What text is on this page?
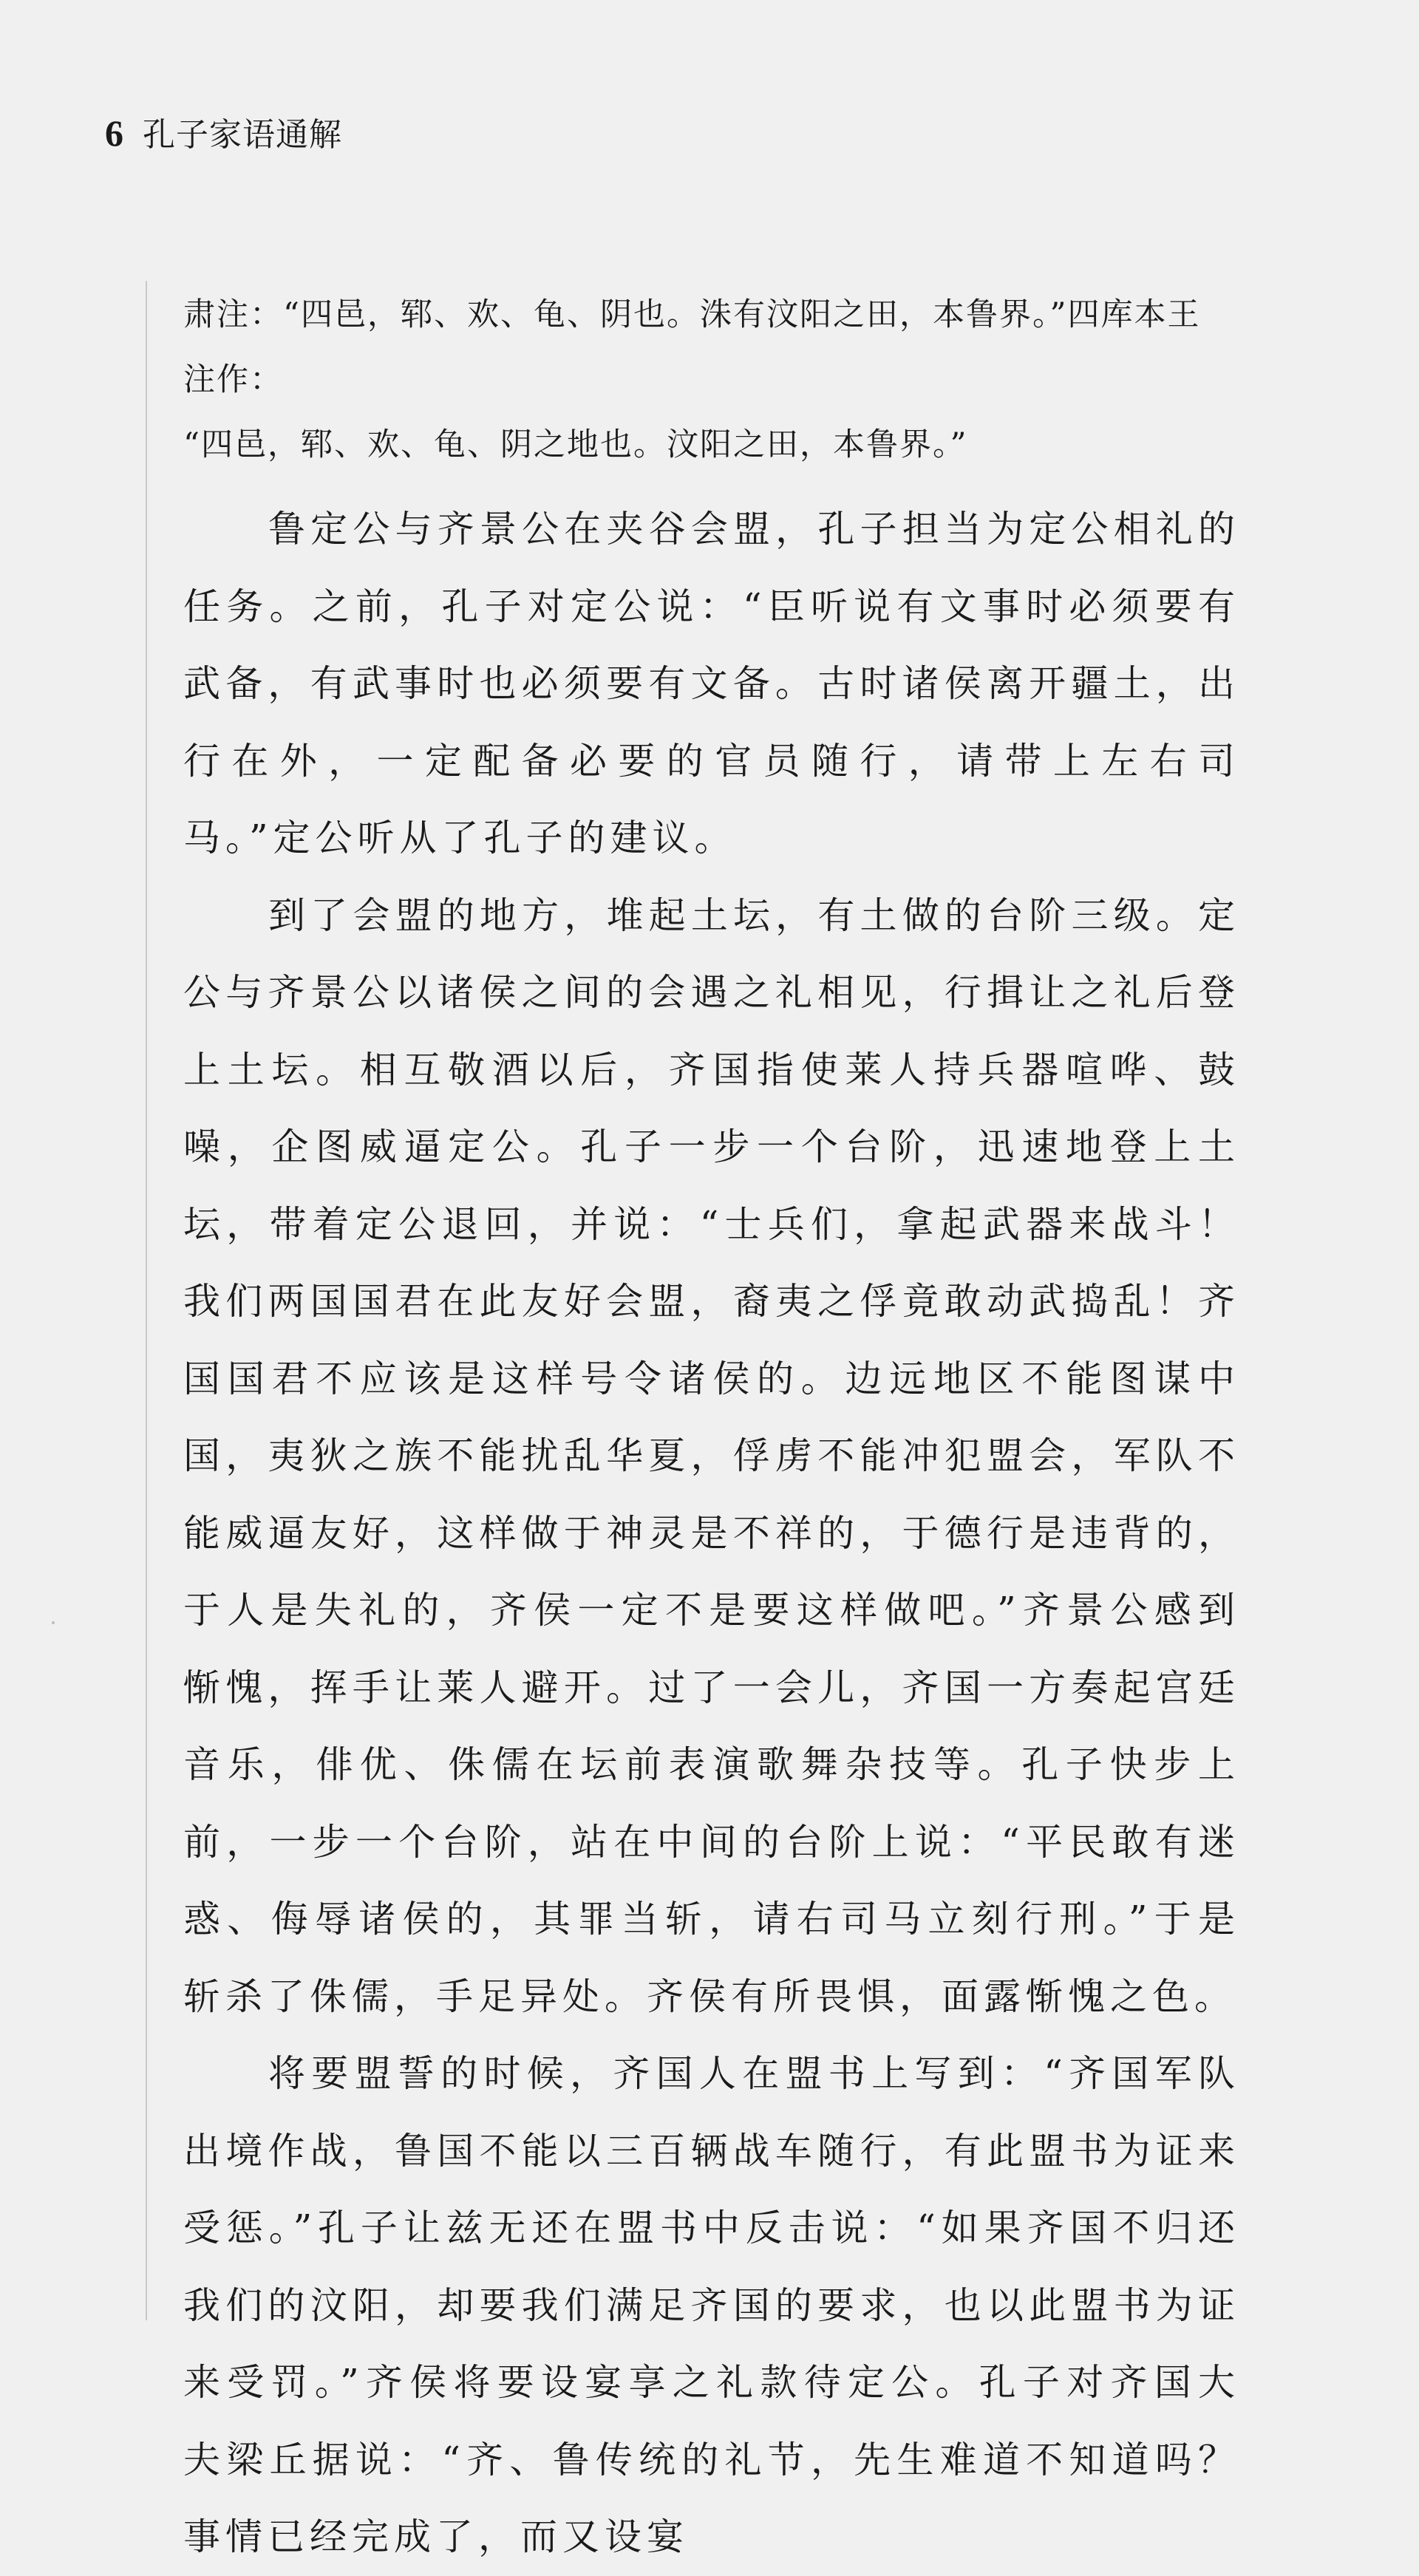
6 孔子家语通解

肃注：“四邑，郓、欢、龟、阴也。洙有汶阳之田，本鲁界。”四库本王注作：

“四邑，郓、欢、龟、阴之地也。汶阳之田，本鲁界。”

鲁定公与齐景公在夹谷会盟，孔子担当为定公相礼的任务。之前，孔子对定公说：“臣听说有文事时必须要有武备，有武事时也必须要有文备。古时诸侯离开疆土，出行在外，一定配备必要的官员随行，请带上左右司马。”定公听从了孔子的建议。

到了会盟的地方，堆起土坛，有土做的台阶三级。定公与齐景公以诸侯之间的会遇之礼相见，行揖让之礼后登上土坛。相互敬酒以后，齐国指使莱人持兵器喧哗、鼓噪，企图威逼定公。孔子一步一个台阶，迅速地登上土坛，带着定公退回，并说：“士兵们，拿起武器来战斗！我们两国国君在此友好会盟，裔夷之俘竟敢动武捣乱！齐国国君不应该是这样号令诸侯的。边远地区不能图谋中国，夷狄之族不能扰乱华夏，俘虏不能冲犯盟会，军队不能威逼友好，这样做于神灵是不祥的，于德行是违背的，于人是失礼的，齐侯一定不是要这样做吧。”齐景公感到惭愧，挥手让莱人避开。过了一会儿，齐国一方奏起宫廷音乐，俳优、侏儒在坛前表演歌舞杂技等。孔子快步上前，一步一个台阶，站在中间的台阶上说：“平民敢有迷惑、侮辱诸侯的，其罪当斩，请右司马立刻行刑。”于是斩杀了侏儒，手足异处。齐侯有所畏惧，面露惭愧之色。

将要盟誓的时候，齐国人在盟书上写到：“齐国军队出境作战，鲁国不能以三百辆战车随行，有此盟书为证来受惩。”孔子让兹无还在盟书中反击说：“如果齐国不归还我们的汶阳，却要我们满足齐国的要求，也以此盟书为证来受罚。”齐侯将要设宴享之礼款待定公。孔子对齐国大夫梁丘据说：“齐、鲁传统的礼节，先生难道不知道吗？事情已经完成了，而又设宴
